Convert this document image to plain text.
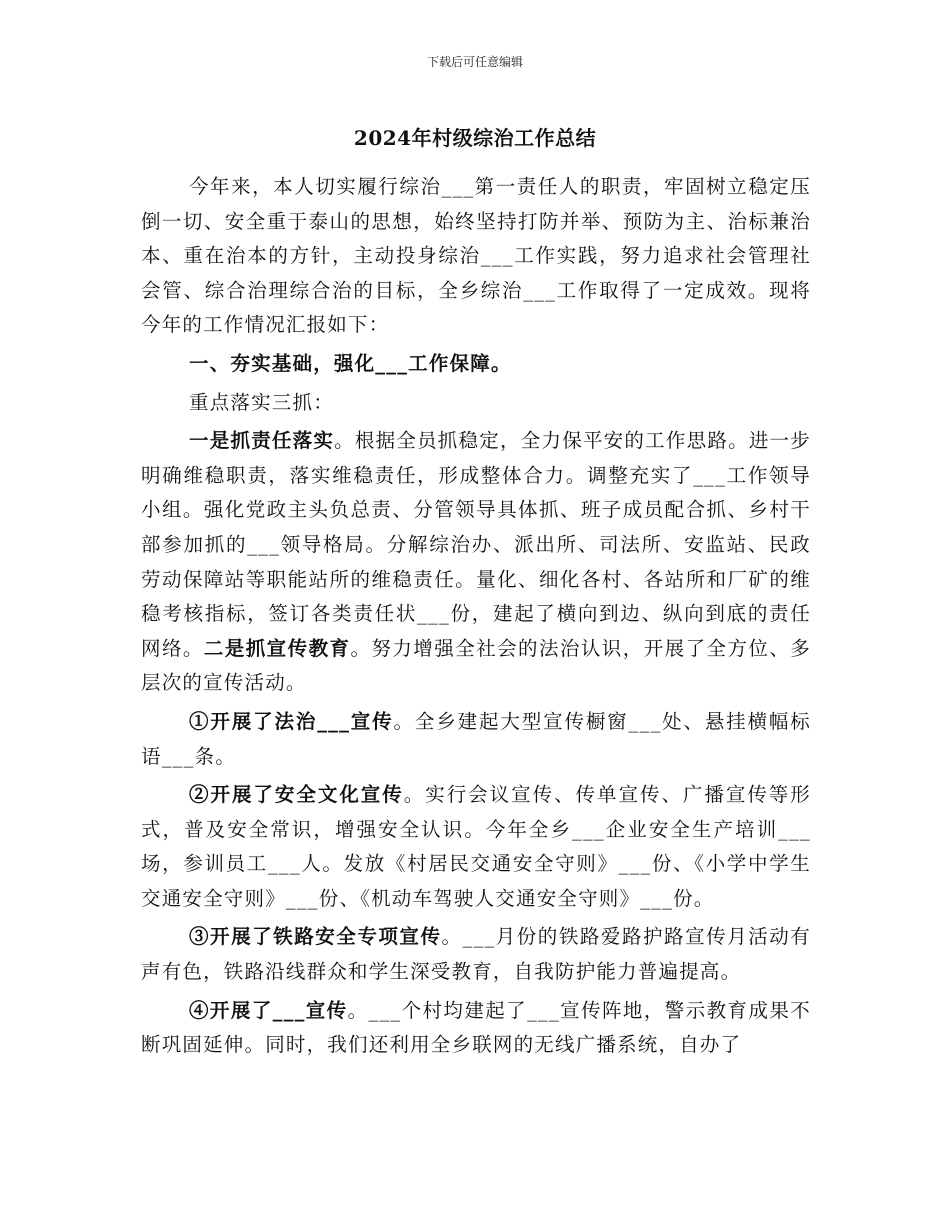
下载后可任意编辑
2024年村级综治工作总结

今年来，本人切实履行综治___第一责任人的职责，牢固树立稳定压倒一切、安全重于泰山的思想，始终坚持打防并举、预防为主、治标兼治本、重在治本的方针，主动投身综治___工作实践，努力追求社会管理社会管、综合治理综合治的目标，全乡综治___工作取得了一定成效。现将今年的工作情况汇报如下：

一、夯实基础，强化___工作保障。

重点落实三抓：

一是抓责任落实。根据全员抓稳定，全力保平安的工作思路。进一步明确维稳职责，落实维稳责任，形成整体合力。调整充实了___工作领导小组。强化党政主头负总责、分管领导具体抓、班子成员配合抓、乡村干部参加抓的___领导格局。分解综治办、派出所、司法所、安监站、民政劳动保障站等职能站所的维稳责任。量化、细化各村、各站所和厂矿的维稳考核指标，签订各类责任状___份，建起了横向到边、纵向到底的责任网络。二是抓宣传教育。努力增强全社会的法治认识，开展了全方位、多层次的宣传活动。

①开展了法治___宣传。全乡建起大型宣传橱窗___处、悬挂横幅标语___条。

②开展了安全文化宣传。实行会议宣传、传单宣传、广播宣传等形式，普及安全常识，增强安全认识。今年全乡___企业安全生产培训___场，参训员工___人。发放《村居民交通安全守则》___份、《小学中学生交通安全守则》___份、《机动车驾驶人交通安全守则》___份。

③开展了铁路安全专项宣传。___月份的铁路爱路护路宣传月活动有声有色，铁路沿线群众和学生深受教育，自我防护能力普遍提高。

④开展了___宣传。___个村均建起了___宣传阵地，警示教育成果不断巩固延伸。同时，我们还利用全乡联网的无线广播系统，自办了
